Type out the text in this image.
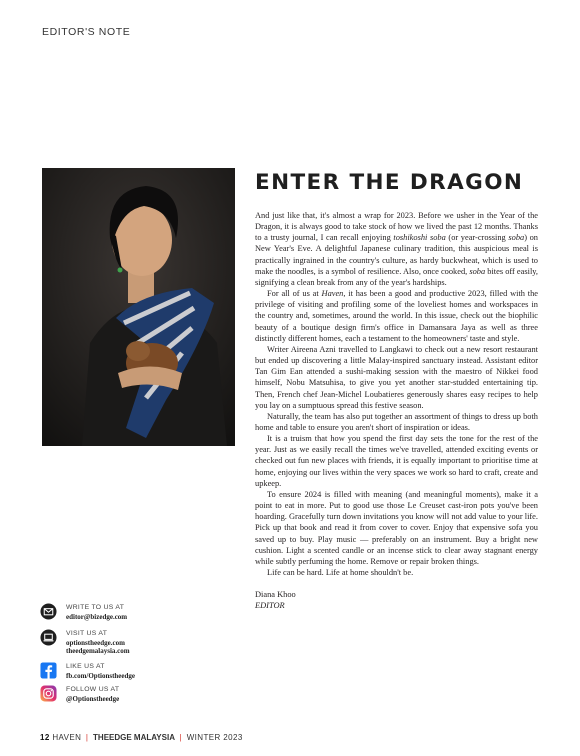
EDITOR'S NOTE
ENTER THE DRAGON

And just like that, it's almost a wrap for 2023. Before we usher in the Year of the Dragon, it is always good to take stock of how we lived the past 12 months. Thanks to a trusty journal, I can recall enjoying toshikoshi soba (or year-crossing soba) on New Year's Eve. A delightful Japanese culinary tradition, this auspicious meal is practically ingrained in the country's culture, as hardy buckwheat, which is used to make the noodles, is a symbol of resilience. Also, once cooked, soba bites off easily, signifying a clean break from any of the year's hardships.

For all of us at Haven, it has been a good and productive 2023, filled with the privilege of visiting and profiling some of the loveliest homes and workspaces in the country and, sometimes, around the world. In this issue, check out the biophilic beauty of a boutique design firm's office in Damansara Jaya as well as three distinctly different homes, each a testament to the homeowners' taste and style.

Writer Aireena Azni travelled to Langkawi to check out a new resort restaurant but ended up discovering a little Malay-inspired sanctuary instead. Assistant editor Tan Gim Ean attended a sushi-making session with the maestro of Nikkei food himself, Nobu Matsuhisa, to give you yet another star-studded entertaining tip. Then, French chef Jean-Michel Loubatieres generously shares easy recipes to help you lay on a sumptuous spread this festive season.

Naturally, the team has also put together an assortment of things to dress up both home and table to ensure you aren't short of inspiration or ideas.

It is a truism that how you spend the first day sets the tone for the rest of the year. Just as we easily recall the times we've travelled, attended exciting events or checked out fun new places with friends, it is equally important to prioritise time at home, enjoying our lives within the very spaces we work so hard to craft, create and upkeep.

To ensure 2024 is filled with meaning (and meaningful moments), make it a point to eat in more. Put to good use those Le Creuset cast-iron pots you've been hoarding. Gracefully turn down invitations you know will not add value to your life. Pick up that book and read it from cover to cover. Enjoy that expensive sofa you saved up to buy. Play music — preferably on an instrument. Buy a bright new cushion. Light a scented candle or an incense stick to clear away stagnant energy while subtly perfuming the home. Remove or repair broken things.

Life can be hard. Life at home shouldn't be.

Diana Khoo

EDITOR

WRITE TO US AT
editor@bizedge.com
VISIT US AT
optionstheedge.com
theedgemalaysia.com
LIKE US AT
fb.com/Optionstheedge
FOLLOW US AT
@Optionstheedge
12 HAVEN | THEEDGE MALAYSIA | WINTER 2023
